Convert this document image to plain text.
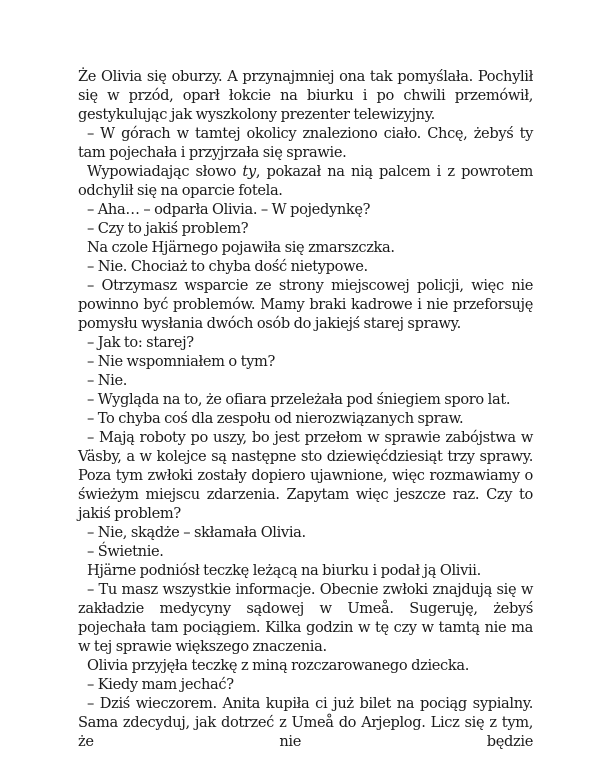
Że Olivia się oburzy. A przynajmniej ona tak pomyślała. Pochylił się w przód, oparł łokcie na biurku i po chwili przemówił, gestykulując jak wyszkolony prezenter telewizyjny.

– W górach w tamtej okolicy znaleziono ciało. Chcę, żebyś ty tam pojechała i przyjrzała się sprawie.

Wypowiadając słowo ty, pokazał na nią palcem i z powrotem odchylił się na oparcie fotela.

– Aha… – odparła Olivia. – W pojedynkę?

– Czy to jakiś problem?

Na czole Hjärnego pojawiła się zmarszczka.

– Nie. Chociaż to chyba dość nietypowe.

– Otrzymasz wsparcie ze strony miejscowej policji, więc nie powinno być problemów. Mamy braki kadrowe i nie przeforsuję pomysłu wysłania dwóch osób do jakiejś starej sprawy.

– Jak to: starej?

– Nie wspomniałem o tym?

– Nie.

– Wygląda na to, że ofiara przeleżała pod śniegiem sporo lat.

– To chyba coś dla zespołu od nierozwiązanych spraw.

– Mają roboty po uszy, bo jest przełom w sprawie zabójstwa w Väsby, a w kolejce są następne sto dziewięćdziesiąt trzy sprawy. Poza tym zwłoki zostały dopiero ujawnione, więc rozmawiamy o świeżym miejscu zdarzenia. Zapytam więc jeszcze raz. Czy to jakiś problem?

– Nie, skądże – skłamała Olivia.

– Świetnie.

Hjärne podniósł teczkę leżącą na biurku i podał ją Olivii.

– Tu masz wszystkie informacje. Obecnie zwłoki znajdują się w zakładzie medycyny sądowej w Umeå. Sugeruję, żebyś pojechała tam pociągiem. Kilka godzin w tę czy w tamtą nie ma w tej sprawie większego znaczenia.

Olivia przyjęła teczkę z miną rozczarowanego dziecka.

– Kiedy mam jechać?

– Dziś wieczorem. Anita kupiła ci już bilet na pociąg sypialny. Sama zdecyduj, jak dotrzeć z Umeå do Arjeplog. Licz się z tym, że nie będzie
